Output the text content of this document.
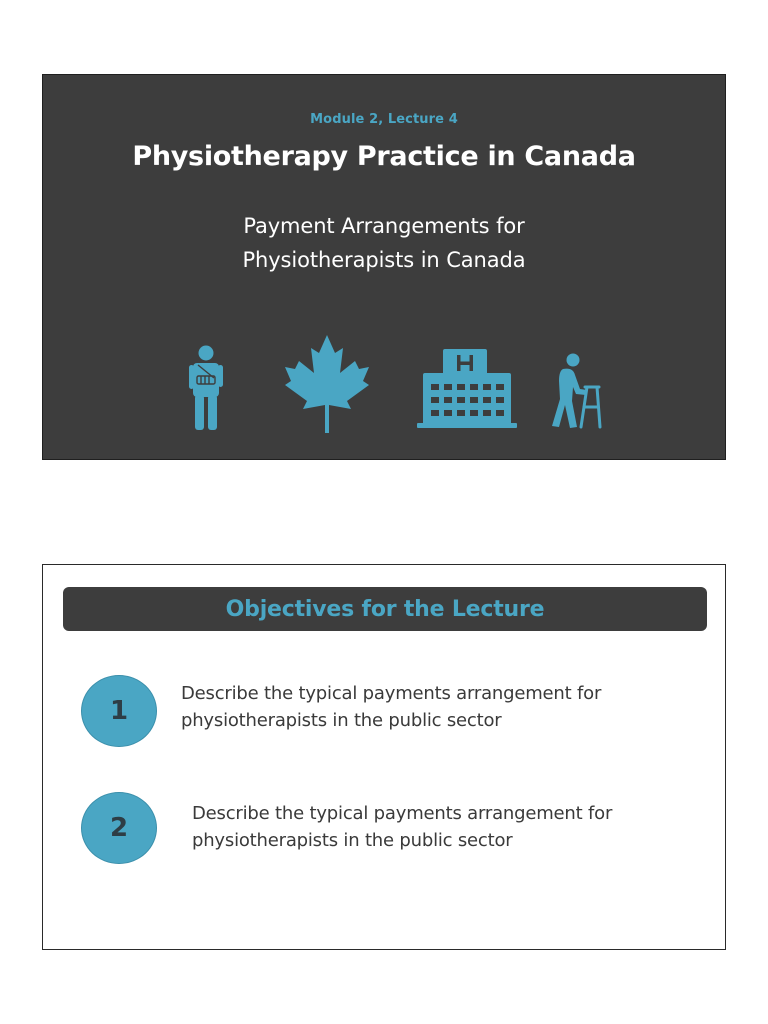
Module 2, Lecture 4
Physiotherapy Practice in Canada
Payment Arrangements for
Physiotherapists in Canada
Objectives for the Lecture
1
Describe the typical payments arrangement for
physiotherapists in the public sector
2	Describe the typical payments arrangement for
physiotherapists in the public sector
